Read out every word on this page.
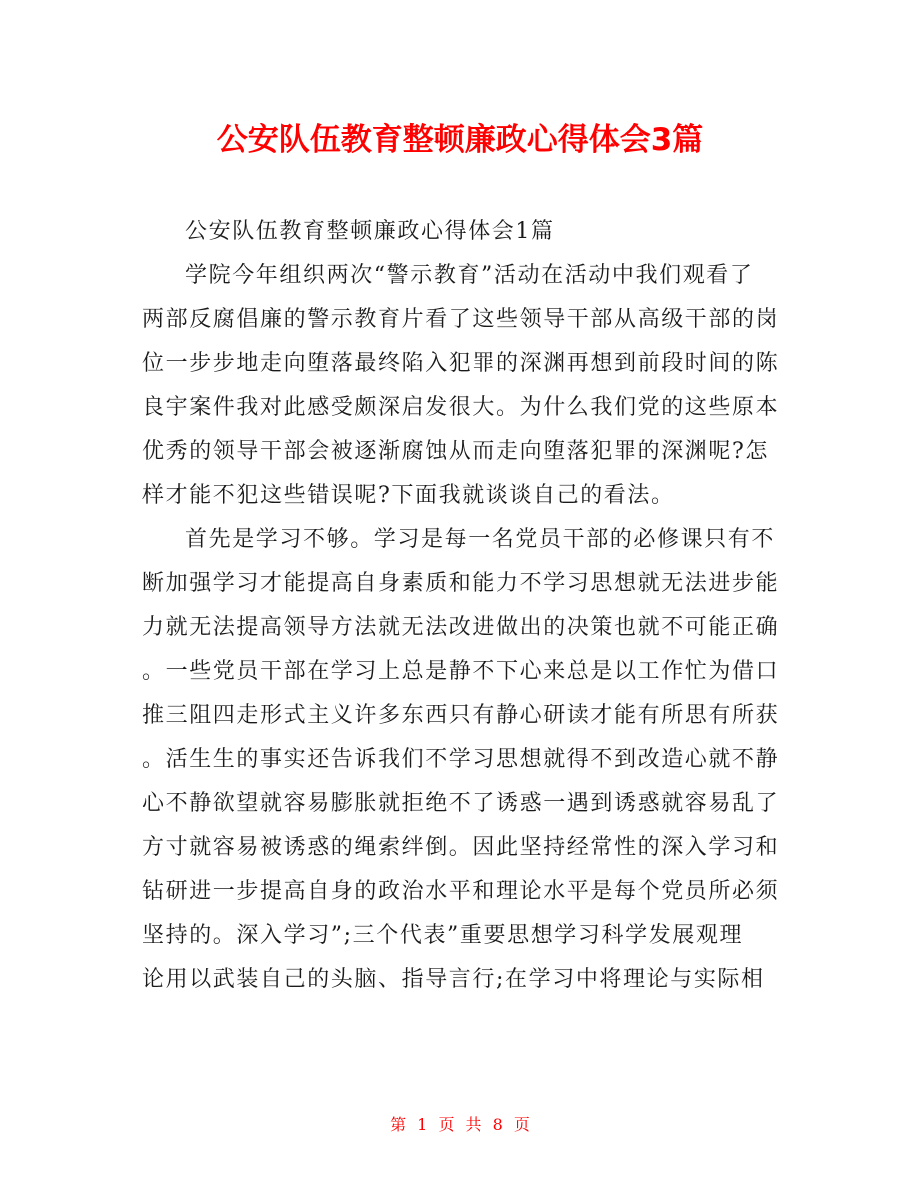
公安队伍教育整顿廉政心得体会3篇
公安队伍教育整顿廉政心得体会1篇
学院今年组织两次“警示教育”活动在活动中我们观看了
两部反腐倡廉的警示教育片看了这些领导干部从高级干部的岗
位一步步地走向堕落最终陷入犯罪的深渊再想到前段时间的陈
良宇案件我对此感受颇深启发很大。为什么我们党的这些原本
优秀的领导干部会被逐渐腐蚀从而走向堕落犯罪的深渊呢?怎
样才能不犯这些错误呢?下面我就谈谈自己的看法。
首先是学习不够。学习是每一名党员干部的必修课只有不
断加强学习才能提高自身素质和能力不学习思想就无法进步能
力就无法提高领导方法就无法改进做出的决策也就不可能正确
。一些党员干部在学习上总是静不下心来总是以工作忙为借口
推三阻四走形式主义许多东西只有静心研读才能有所思有所获
。活生生的事实还告诉我们不学习思想就得不到改造心就不静
心不静欲望就容易膨胀就拒绝不了诱惑一遇到诱惑就容易乱了
方寸就容易被诱惑的绳索绊倒。因此坚持经常性的深入学习和
钻研进一步提高自身的政治水平和理论水平是每个党员所必须
坚持的。深入学习”;三个代表”重要思想学习科学发展观理
论用以武装自己的头脑、指导言行;在学习中将理论与实际相
第 1 页 共 8 页
